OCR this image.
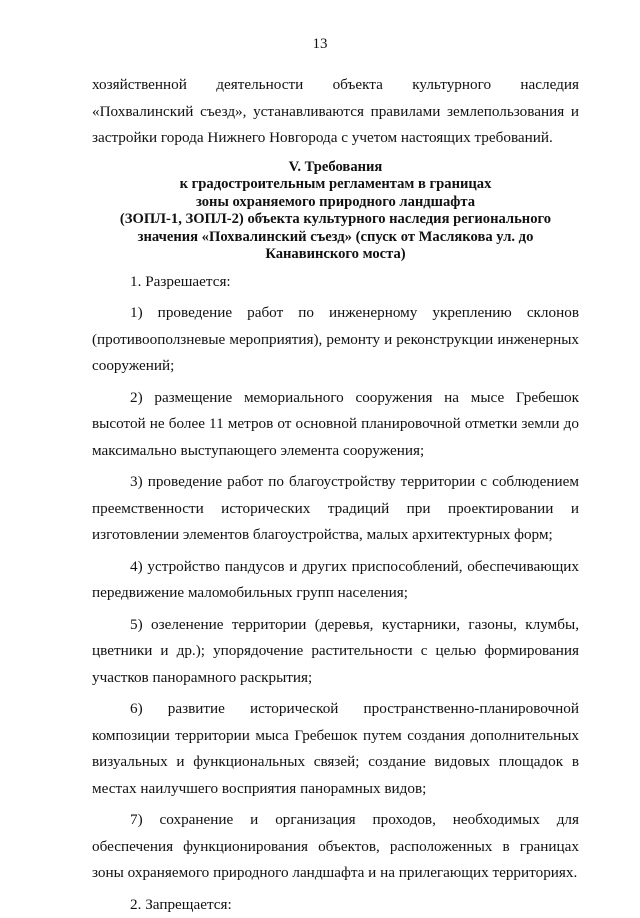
13

хозяйственной деятельности объекта культурного наследия «Похвалинский съезд», устанавливаются правилами землепользования и застройки города Нижнего Новгорода с учетом настоящих требований.

V. Требования
к градостроительным регламентам в границах
зоны охраняемого природного ландшафта
(ЗОПЛ-1, ЗОПЛ-2) объекта культурного наследия регионального
значения «Похвалинский съезд» (спуск от Маслякова ул. до
Канавинского моста)

1. Разрешается:

1) проведение работ по инженерному укреплению склонов (противооползневые мероприятия), ремонту и реконструкции инженерных сооружений;

2) размещение мемориального сооружения на мысе Гребешок высотой не более 11 метров от основной планировочной отметки земли до максимально выступающего элемента сооружения;

3) проведение работ по благоустройству территории с соблюдением преемственности исторических традиций при проектировании и изготовлении элементов благоустройства, малых архитектурных форм;

4) устройство пандусов и других приспособлений, обеспечивающих передвижение маломобильных групп населения;

5) озеленение территории (деревья, кустарники, газоны, клумбы, цветники и др.); упорядочение растительности с целью формирования участков панорамного раскрытия;

6) развитие исторической пространственно-планировочной композиции территории мыса Гребешок путем создания дополнительных визуальных и функциональных связей; создание видовых площадок в местах наилучшего восприятия панорамных видов;

7) сохранение и организация проходов, необходимых для обеспечения функционирования объектов, расположенных в границах зоны охраняемого природного ландшафта и на прилегающих территориях.

2. Запрещается:
